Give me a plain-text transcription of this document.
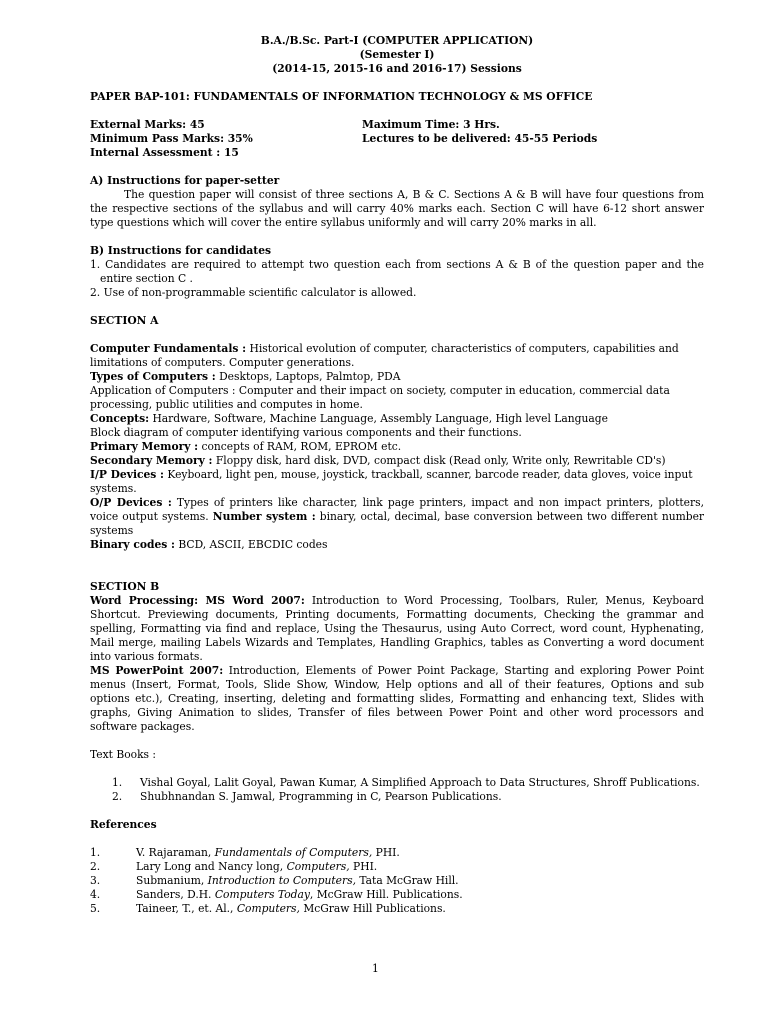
B.A./B.Sc. Part-I (COMPUTER APPLICATION)
(Semester I)
(2014-15, 2015-16 and 2016-17) Sessions
PAPER BAP-101: FUNDAMENTALS OF INFORMATION TECHNOLOGY & MS OFFICE
External Marks: 45	Maximum Time: 3 Hrs.
Minimum Pass Marks: 35%	Lectures to be delivered: 45-55 Periods
Internal Assessment : 15
A) Instructions for paper-setter
The question paper will consist of three sections A, B & C. Sections A & B will have four questions from the respective sections of the syllabus and will carry 40% marks each. Section C will have 6-12 short answer type questions which will cover the entire syllabus uniformly and will carry 20% marks in all.
B) Instructions for candidates
1. Candidates are required to attempt two question each from sections A & B of the question paper and the entire section C .
2. Use of non-programmable scientific calculator is allowed.
SECTION A
Computer Fundamentals : Historical evolution of computer, characteristics of computers, capabilities and limitations of computers. Computer generations.
Types of Computers : Desktops, Laptops, Palmtop, PDA
Application of Computers : Computer and their impact on society, computer in education, commercial data processing, public utilities and computes in home.
Concepts: Hardware, Software, Machine Language, Assembly Language, High level Language
Block diagram of computer identifying various components and their functions.
Primary Memory : concepts of RAM, ROM, EPROM etc.
Secondary Memory : Floppy disk, hard disk, DVD, compact disk (Read only, Write only, Rewritable CD's)
I/P Devices : Keyboard, light pen, mouse, joystick, trackball, scanner, barcode reader, data gloves, voice input systems.
O/P Devices : Types of printers like character, link page printers, impact and non impact printers, plotters, voice output systems. Number system : binary, octal, decimal, base conversion between two different number systems
Binary codes : BCD, ASCII, EBCDIC codes
SECTION B
Word Processing: MS Word 2007: Introduction to Word Processing, Toolbars, Ruler, Menus, Keyboard Shortcut. Previewing documents, Printing documents, Formatting documents, Checking the grammar and spelling, Formatting via find and replace, Using the Thesaurus, using Auto Correct, word count, Hyphenating, Mail merge, mailing Labels Wizards and Templates, Handling Graphics, tables as Converting a word document into various formats.
MS PowerPoint 2007: Introduction, Elements of Power Point Package, Starting and exploring Power Point menus (Insert, Format, Tools, Slide Show, Window, Help options and all of their features, Options and sub options etc.), Creating, inserting, deleting and formatting slides, Formatting and enhancing text, Slides with graphs, Giving Animation to slides, Transfer of files between Power Point and other word processors and software packages.
Text Books :
1.	Vishal Goyal, Lalit Goyal, Pawan Kumar, A Simplified Approach to Data Structures, Shroff Publications.
2.	Shubhnandan S. Jamwal, Programming in C, Pearson Publications.
References
1.	V. Rajaraman, Fundamentals of Computers, PHI.
2.	Lary Long and Nancy long, Computers, PHI.
3.	Submanium, Introduction to Computers, Tata McGraw Hill.
4.	Sanders, D.H. Computers Today, McGraw Hill. Publications.
5.	Taineer, T., et. Al., Computers, McGraw Hill Publications.
1
